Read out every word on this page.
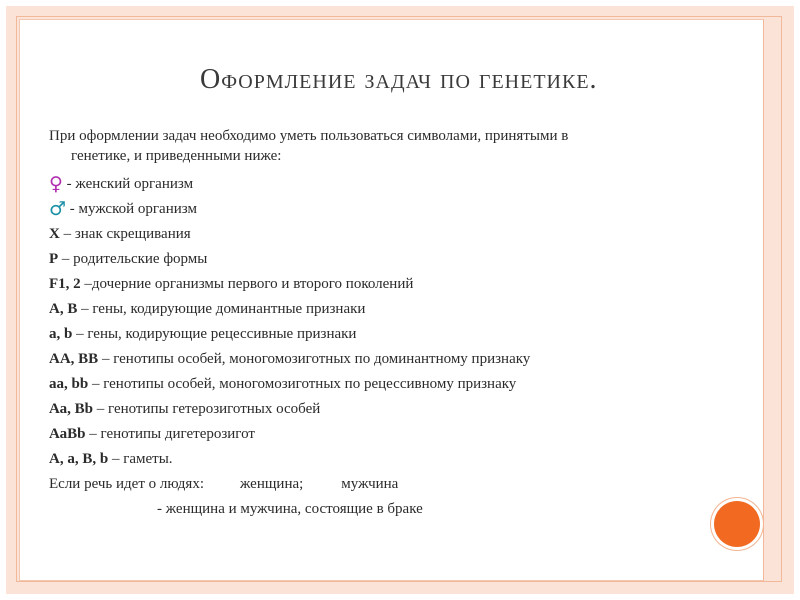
Оформление задач по генетике.
При оформлении задач необходимо уметь пользоваться символами, принятыми в
генетике, и приведенными ниже:
♀ - женский организм
♂ - мужской организм
X – знак скрещивания
P – родительские формы
F1, 2 –дочерние организмы первого и второго поколений
А, В – гены, кодирующие доминантные признаки
а, b – гены, кодирующие рецессивные признаки
АА, ВВ – генотипы особей, моногомозиготных по доминантному признаку
аа, bb – генотипы особей, моногомозиготных по рецессивному признаку
Аа, Вb – генотипы гетерозиготных особей
АаBb – генотипы дигетерозигот
А, а, В, b – гаметы.
Если речь идет о людях: женщина;	мужчина
- женщина и мужчина, состоящие в браке
